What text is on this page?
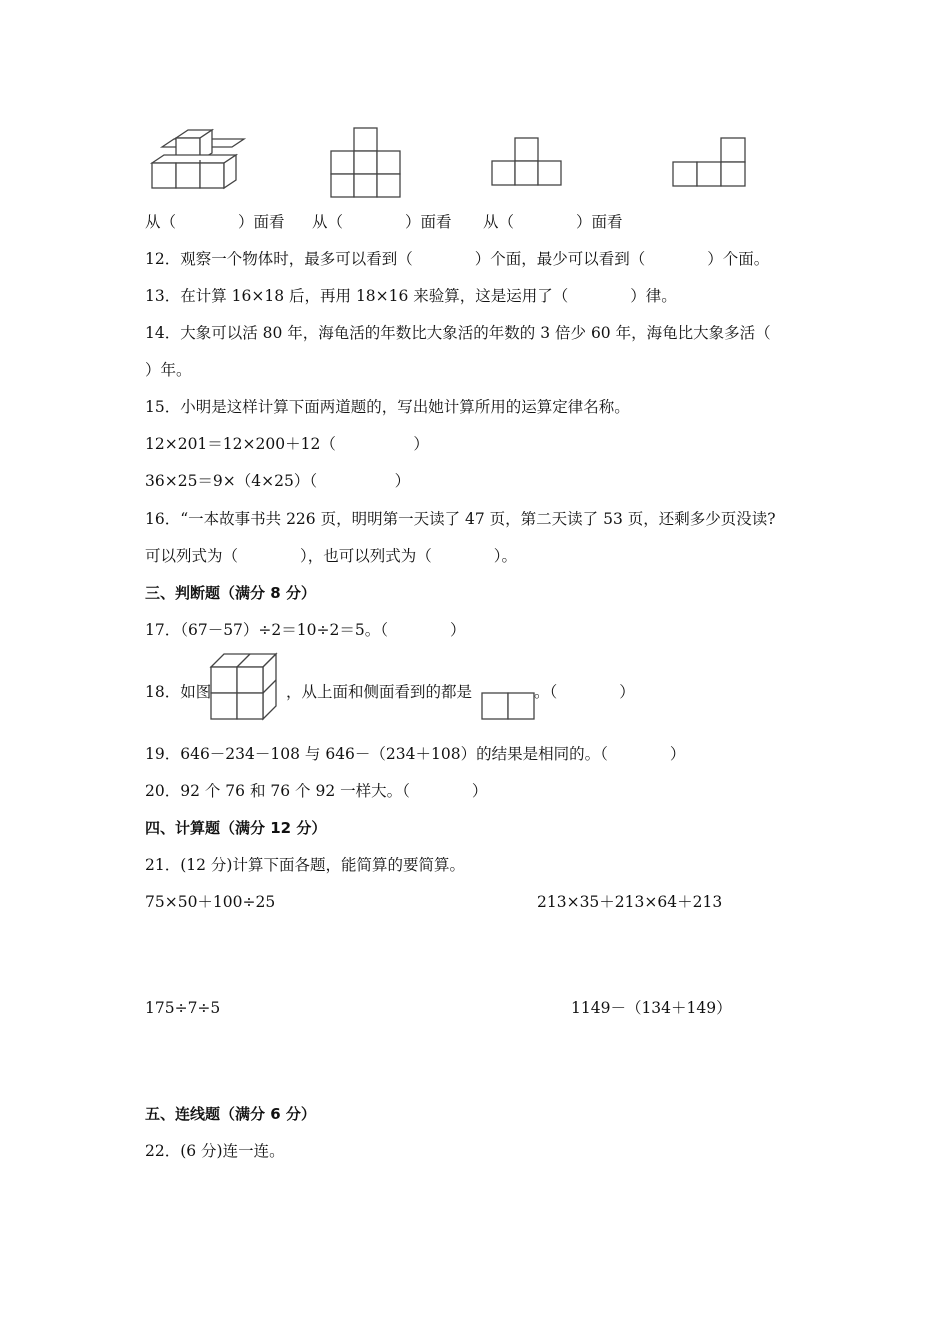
从（　　　　）面看 从（　　　　）面看 从（　　　　）面看
12．观察一个物体时，最多可以看到（　　　　）个面，最少可以看到（　　　　）个面。
13．在计算 16×18 后，再用 18×16 来验算，这是运用了（　　　　）律。
14．大象可以活 80 年，海龟活的年数比大象活的年数的 3 倍少 60 年，海龟比大象多活（
）年。
15．小明是这样计算下面两道题的，写出她计算所用的运算定律名称。
12×201＝12×200＋12（　　　　　）
36×25＝9×（4×25）（　　　　　）
16．“一本故事书共 226 页，明明第一天读了 47 页，第二天读了 53 页，还剩多少页没读?
可以列式为（　　　　），也可以列式为（　　　　）。
三、判断题（满分 8 分）
17．（67－57）÷2＝10÷2＝5。（　　　　）
18．如图	，从上面和侧面看到的都是	。（　　　　）
19．646－234－108 与 646－（234＋108）的结果是相同的。（　　　　）
20．92 个 76 和 76 个 92 一样大。（　　　　）
四、计算题（满分 12 分）
21．(12 分)计算下面各题，能简算的要简算。
75×50＋100÷25	213×35＋213×64＋213
175÷7÷5	1149－（134＋149）
五、连线题（满分 6 分）
22．(6 分)连一连。
